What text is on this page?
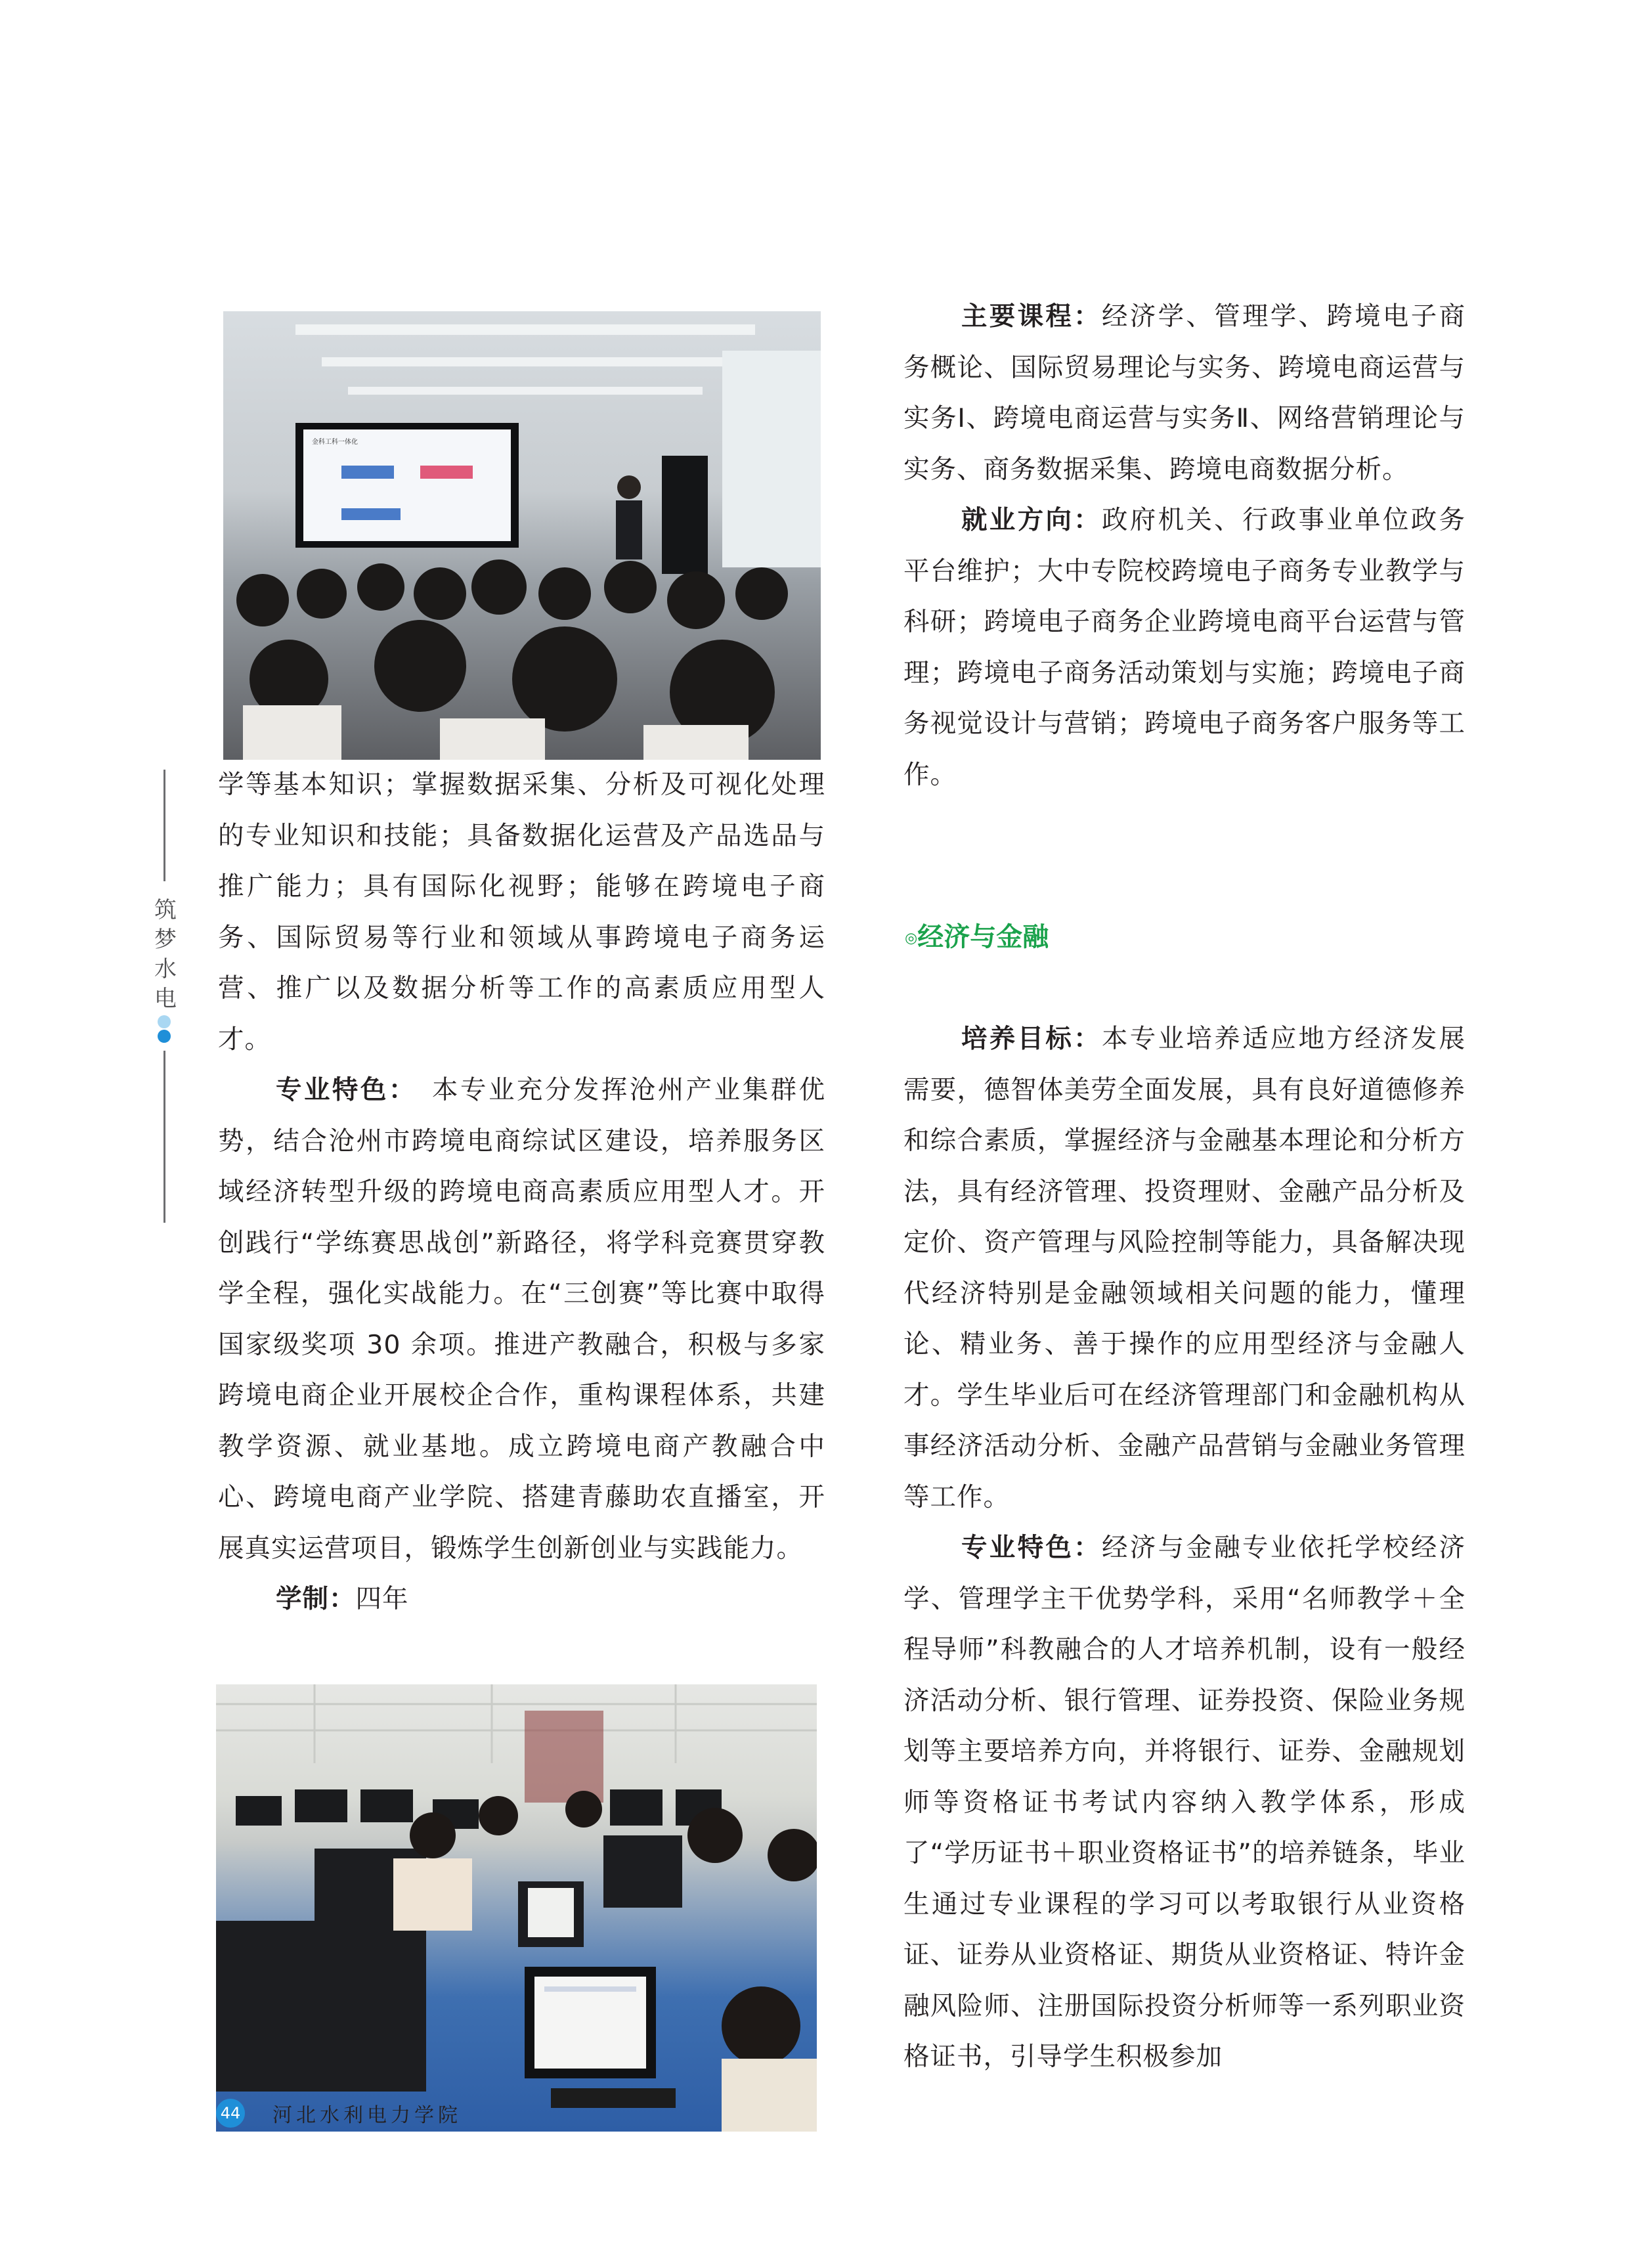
筑
梦
水
电
金科工科一体化

学等基本知识；掌握数据采集、分析及可视化处理的专业知识和技能；具备数据化运营及产品选品与推广能力；具有国际化视野；能够在跨境电子商务、国际贸易等行业和领域从事跨境电子商务运营、推广以及数据分析等工作的高素质应用型人才。

专业特色：　本专业充分发挥沧州产业集群优势，结合沧州市跨境电商综试区建设，培养服务区域经济转型升级的跨境电商高素质应用型人才。开创践行“学练赛思战创”新路径，将学科竞赛贯穿教学全程，强化实战能力。在“三创赛”等比赛中取得国家级奖项 30 余项。推进产教融合，积极与多家跨境电商企业开展校企合作，重构课程体系，共建教学资源、就业基地。成立跨境电商产教融合中心、跨境电商产业学院、搭建青藤助农直播室，开展真实运营项目，锻炼学生创新创业与实践能力。

学制：四年

主要课程：经济学、管理学、跨境电子商务概论、国际贸易理论与实务、跨境电商运营与实务Ⅰ、跨境电商运营与实务Ⅱ、网络营销理论与实务、商务数据采集、跨境电商数据分析。

就业方向：政府机关、行政事业单位政务平台维护；大中专院校跨境电子商务专业教学与科研；跨境电子商务企业跨境电商平台运营与管理；跨境电子商务活动策划与实施；跨境电子商务视觉设计与营销；跨境电子商务客户服务等工作。

◎经济与金融

培养目标：本专业培养适应地方经济发展需要，德智体美劳全面发展，具有良好道德修养和综合素质，掌握经济与金融基本理论和分析方法，具有经济管理、投资理财、金融产品分析及定价、资产管理与风险控制等能力，具备解决现代经济特别是金融领域相关问题的能力，懂理论、精业务、善于操作的应用型经济与金融人才。学生毕业后可在经济管理部门和金融机构从事经济活动分析、金融产品营销与金融业务管理等工作。

专业特色：经济与金融专业依托学校经济学、管理学主干优势学科，采用“名师教学＋全程导师”科教融合的人才培养机制，设有一般经济活动分析、银行管理、证券投资、保险业务规划等主要培养方向，并将银行、证券、金融规划师等资格证书考试内容纳入教学体系，形成了“学历证书＋职业资格证书”的培养链条，毕业生通过专业课程的学习可以考取银行从业资格证、证券从业资格证、期货从业资格证、特许金融风险师、注册国际投资分析师等一系列职业资格证书，引导学生积极参加

44 河北水利电力学院
